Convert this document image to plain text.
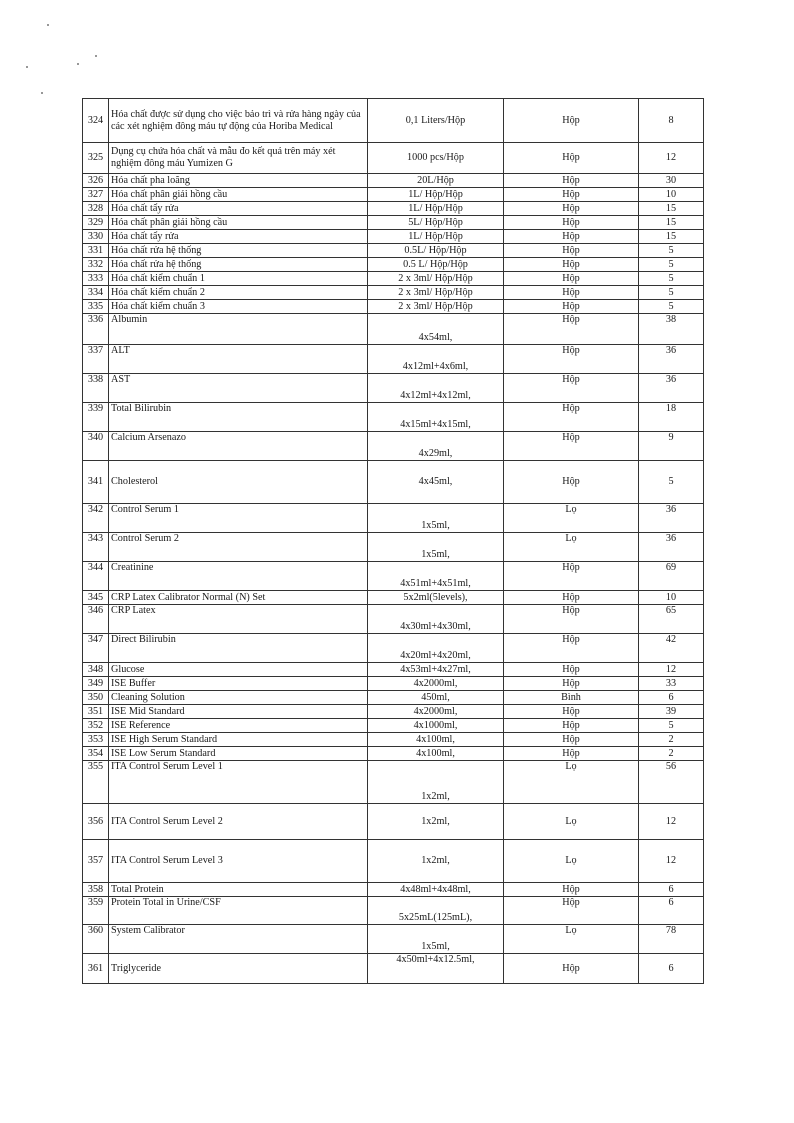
324	Hóa chất được sử dụng cho việc bảo trì và rửa hàng ngày của các xét nghiệm đông máu tự động của Horiba Medical	0,1 Liters/Hộp	Hộp	8
325	Dụng cụ chứa hóa chất và mẫu đo kết quả trên máy xét nghiệm đông máu Yumizen G	1000 pcs/Hộp	Hộp	12
326	Hóa chất pha loãng	20L/Hộp	Hộp	30
327	Hóa chất phân giải hồng cầu	1L/ Hộp/Hộp	Hộp	10
328	Hóa chất tẩy rửa	1L/ Hộp/Hộp	Hộp	15
329	Hóa chất phân giải hồng cầu	5L/ Hộp/Hộp	Hộp	15
330	Hóa chất tẩy rửa	1L/ Hộp/Hộp	Hộp	15
331	Hóa chất rửa hệ thống	0.5L/ Hộp/Hộp	Hộp	5
332	Hóa chất rửa hệ thống	0.5 L/ Hộp/Hộp	Hộp	5
333	Hóa chất kiểm chuẩn 1	2 x 3ml/ Hộp/Hộp	Hộp	5
334	Hóa chất kiểm chuẩn 2	2 x 3ml/ Hộp/Hộp	Hộp	5
335	Hóa chất kiểm chuẩn 3	2 x 3ml/ Hộp/Hộp	Hộp	5
336	Albumin	4x54ml,	Hộp	38
337	ALT	4x12ml+4x6ml,	Hộp	36
338	AST	4x12ml+4x12ml,	Hộp	36
339	Total Bilirubin	4x15ml+4x15ml,	Hộp	18
340	Calcium Arsenazo	4x29ml,	Hộp	9
341	Cholesterol	4x45ml,	Hộp	5
342	Control Serum 1	1x5ml,	Lọ	36
343	Control Serum 2	1x5ml,	Lọ	36
344	Creatinine	4x51ml+4x51ml,	Hộp	69
345	CRP Latex Calibrator Normal (N) Set	5x2ml(5levels),	Hộp	10
346	CRP Latex	4x30ml+4x30ml,	Hộp	65
347	Direct Bilirubin	4x20ml+4x20ml,	Hộp	42
348	Glucose	4x53ml+4x27ml,	Hộp	12
349	ISE Buffer	4x2000ml,	Hộp	33
350	Cleaning Solution	450ml,	Bình	6
351	ISE Mid Standard	4x2000ml,	Hộp	39
352	ISE Reference	4x1000ml,	Hộp	5
353	ISE High Serum Standard	4x100ml,	Hộp	2
354	ISE Low Serum Standard	4x100ml,	Hộp	2
355	ITA Control Serum Level 1	1x2ml,	Lọ	56
356	ITA Control Serum Level 2	1x2ml,	Lọ	12
357	ITA Control Serum Level 3	1x2ml,	Lọ	12
358	Total Protein	4x48ml+4x48ml,	Hộp	6
359	Protein Total in Urine/CSF	5x25mL(125mL),	Hộp	6
360	System Calibrator	1x5ml,	Lọ	78
361	Triglyceride	4x50ml+4x12.5ml,	Hộp	6
